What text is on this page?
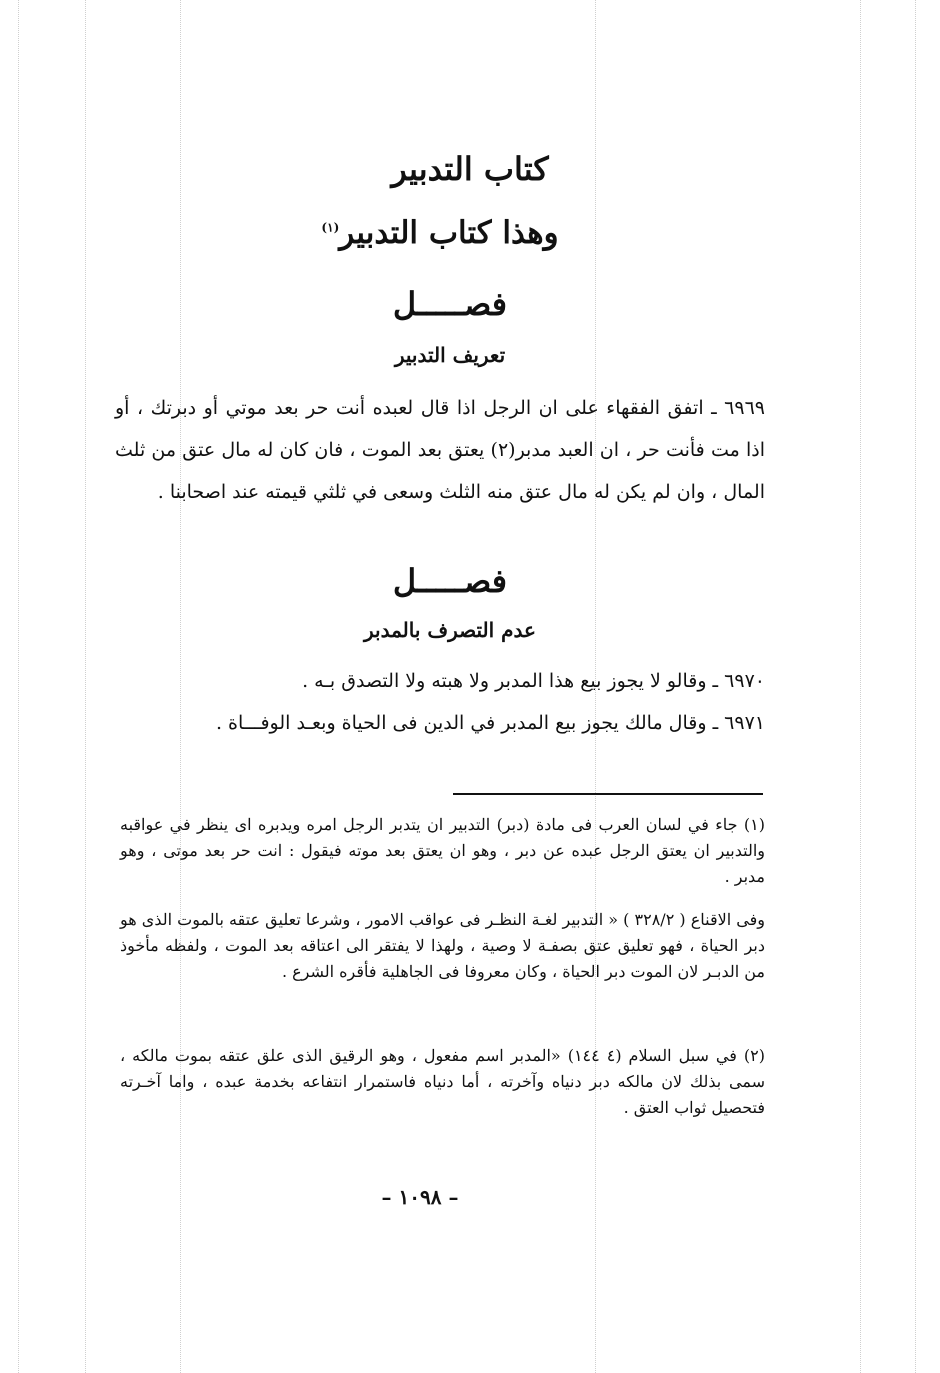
كتاب التدبير
وهذا كتاب التدبير$^{(١)}$
فصـــــل
تعريف التدبير
٦٩٦٩ ـ اتفق الفقهاء على ان الرجل اذا قال لعبده أنت حر بعد موتي أو دبرتك ، أو اذا مت فأنت حر ، ان العبد مدبر(٢) يعتق بعد الموت ، فان كان له مال عتق من ثلث المال ، وان لم يكن له مال عتق منه الثلث وسعى في ثلثي قيمته عند اصحابنا .
فصـــــل
عدم التصرف بالمدبر
٦٩٧٠ ـ وقالو لا يجوز بيع هذا المدبر ولا هبته ولا التصدق بـه .
٦٩٧١ ـ وقال مالك يجوز بيع المدبر في الدين فى الحياة وبعـد الوفـــاة .
(١) جاء في لسان العرب فى مادة (دبر) التدبير ان يتدبر الرجل امره ويدبره اى ينظر في عواقبه والتدبير ان يعتق الرجل عبده عن دبر ، وهو ان يعتق بعد موته فيقول : انت حر بعد موتى ، وهو مدبر .
وفى الاقناع ( ٣٢٨/٢ ) « التدبير لغـة النظـر فى عواقب الامور ، وشرعا تعليق عتقه بالموت الذى هو دبر الحياة ، فهو تعليق عتق بصفـة لا وصية ، ولهذا لا يفتقر الى اعتاقه بعد الموت ، ولفظه مأخوذ من الدبـر لان الموت دبر الحياة ، وكان معروفا فى الجاهلية فأقره الشرع .
(٢) في سبل السلام (٤ ١٤٤) «المدبر اسم مفعول ، وهو الرقيق الذى علق عتقه بموت مالكه ، سمى بذلك لان مالكه دبر دنياه وآخرته ، أما دنياه فاستمرار انتفاعه بخدمة عبده ، واما آخـرته فتحصيل ثواب العتق .
– ١٠٩٨ –
